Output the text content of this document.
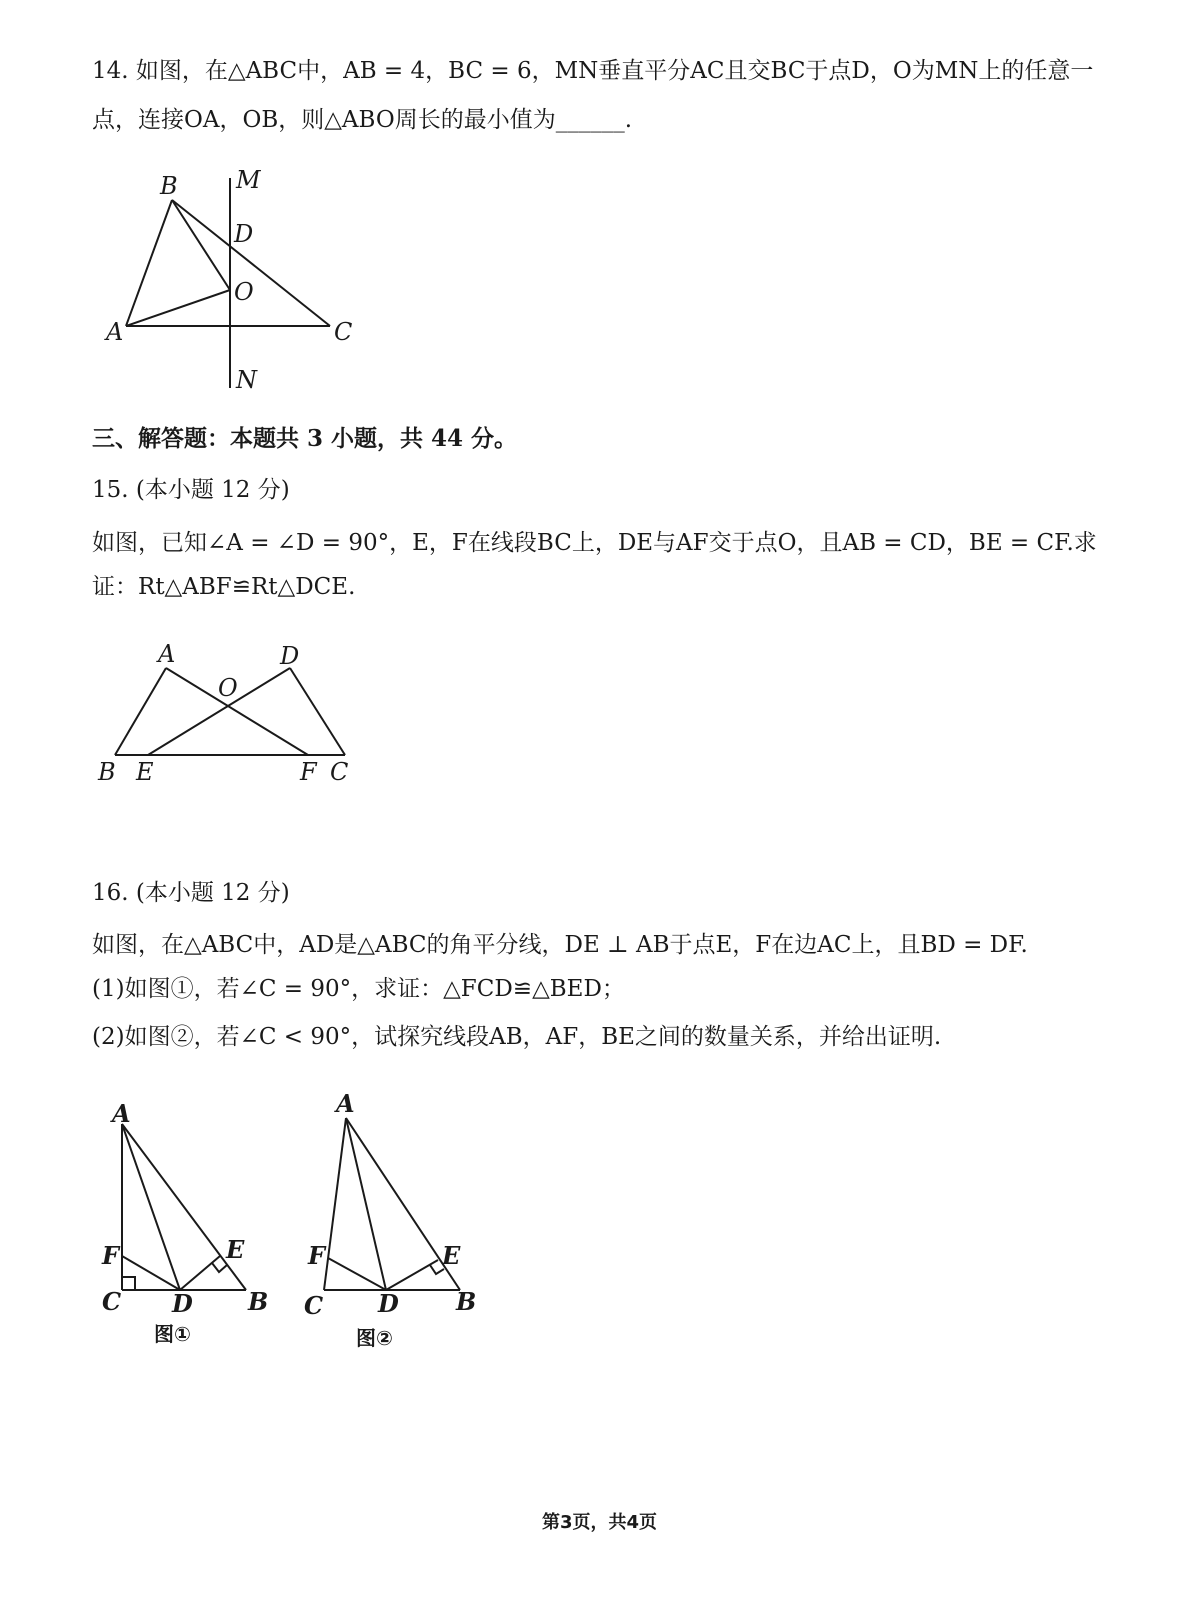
14. 如图，在△ABC中，AB = 4，BC = 6，MN垂直平分AC且交BC于点D，O为MN上的任意一
点，连接OA，OB，则△ABO周长的最小值为______.
B M
D
O
A	C
N
三、解答题：本题共 3 小题，共 44 分。
15. (本小题 12 分)
如图，已知∠A = ∠D = 90°，E，F在线段BC上，DE与AF交于点O，且AB = CD，BE = CF.求
证：Rt△ABF≌Rt△DCE.
A	D
O
B E	F C
16. (本小题 12 分)
如图，在△ABC中，AD是△ABC的角平分线，DE ⊥ AB于点E，F在边AC上，且BD = DF.
(1)如图①，若∠C = 90°，求证：△FCD≌△BED；
(2)如图②，若∠C < 90°，试探究线段AB，AF，BE之间的数量关系，并给出证明.
A
F	E
C D B
图①
A
F	E
C D B
图②
第3页，共4页
